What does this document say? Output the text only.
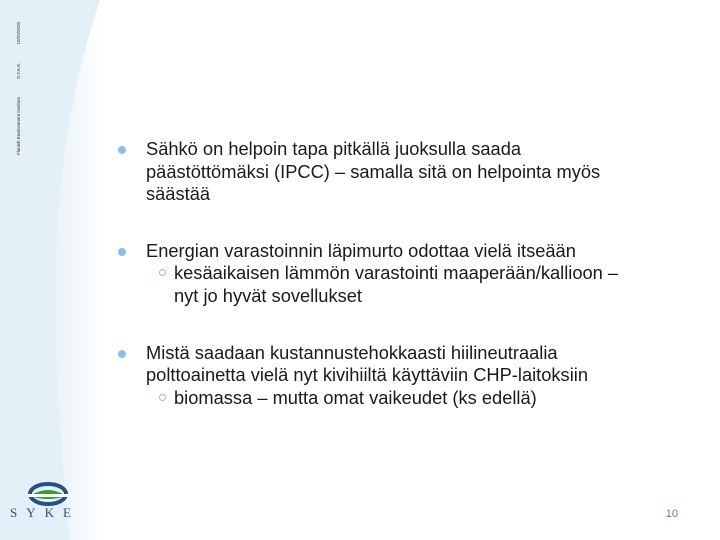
Finnish Environment Institute
S.Y.K.E.
10/29/2020
Sähkö on helpoin tapa pitkällä juoksulla saada
päästöttömäksi (IPCC) – samalla sitä on helpointa myös
säästää
Energian varastoinnin läpimurto odottaa vielä itseään
kesäaikaisen lämmön varastointi maaperään/kallioon –
nyt jo hyvät sovellukset
Mistä saadaan kustannustehokkaasti hiilineutraalia
polttoainetta vielä nyt kivihiiltä käyttäviin CHP-laitoksiin
biomassa – mutta omat vaikeudet (ks edellä)
SYKE	10
